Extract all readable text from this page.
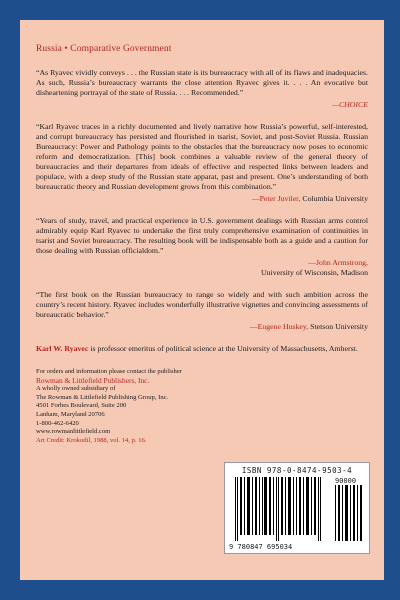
Russia • Comparative Government

“As Ryavec vividly conveys . . . the Russian state is its bureaucracy with all of its flaws and inadequacies. As such, Russia’s bureaucracy warrants the close attention Ryavec gives it. . . . An evocative but disheartening portrayal of the state of Russia. . . . Recommended.”

—CHOICE

“Karl Ryavec traces in a richly documented and lively narrative how Russia’s powerful, self-interested, and corrupt bureaucracy has persisted and flourished in tsarist, Soviet, and post-Soviet Russia. Russian Bureaucracy: Power and Pathology points to the obstacles that the bureaucracy now poses to economic reform and democratization. [This] book combines a valuable review of the general theory of bureaucracies and their departures from ideals of effective and respected links between leaders and populace, with a deep study of the Russian state apparat, past and present. One’s understanding of both bureaucratic theory and Russian development grows from this combination.”

—Peter Juviler, Columbia University

“Years of study, travel, and practical experience in U.S. government dealings with Russian arms control admirably equip Karl Ryavec to undertake the first truly comprehensive examination of continuities in tsarist and Soviet bureaucracy. The resulting book will be indispensable both as a guide and a caution for those dealing with Russian officialdom.”

—John Armstrong,
University of Wisconsin, Madison

“The first book on the Russian bureaucracy to range so widely and with such ambition across the country’s recent history. Ryavec includes wonderfully illustrative vignettes and convincing assessments of bureaucratic behavior.”

—Eugene Huskey, Stetson University

Karl W. Ryavec is professor emeritus of political science at the University of Massachusetts, Amherst.

For orders and information please contact the publisher
Rowman & Littlefield Publishers, Inc.
A wholly owned subsidiary of
The Rowman & Littlefield Publishing Group, Inc.
4501 Forbes Boulevard, Suite 200
Lanham, Maryland 20706
1-800-462-6420
www.rowmanlittlefield.com
Art Credit: Krokodil, 1988, vol. 14, p. 16.
ISBN 978-0-8474-9503-4
90000
9 780847 695034
